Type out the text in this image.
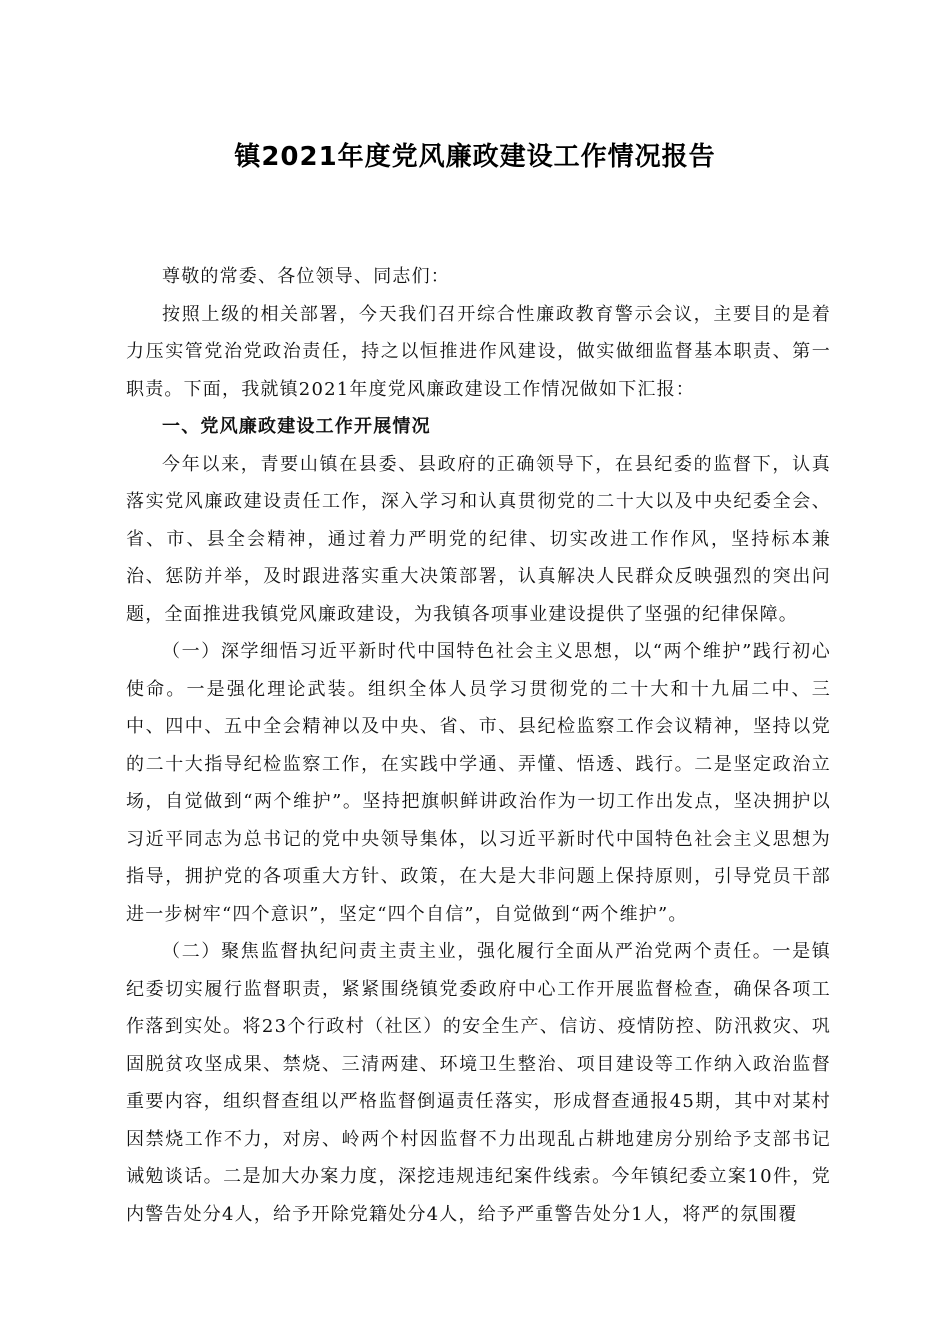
镇2021年度党风廉政建设工作情况报告

尊敬的常委、各位领导、同志们：

按照上级的相关部署，今天我们召开综合性廉政教育警示会议，主要目的是着力压实管党治党政治责任，持之以恒推进作风建设，做实做细监督基本职责、第一职责。下面，我就镇2021年度党风廉政建设工作情况做如下汇报：

一、党风廉政建设工作开展情况

今年以来，青要山镇在县委、县政府的正确领导下，在县纪委的监督下，认真落实党风廉政建设责任工作，深入学习和认真贯彻党的二十大以及中央纪委全会、省、市、县全会精神，通过着力严明党的纪律、切实改进工作作风，坚持标本兼治、惩防并举，及时跟进落实重大决策部署，认真解决人民群众反映强烈的突出问题，全面推进我镇党风廉政建设，为我镇各项事业建设提供了坚强的纪律保障。

（一）深学细悟习近平新时代中国特色社会主义思想，以“两个维护”践行初心使命。一是强化理论武装。组织全体人员学习贯彻党的二十大和十九届二中、三中、四中、五中全会精神以及中央、省、市、县纪检监察工作会议精神，坚持以党的二十大指导纪检监察工作，在实践中学通、弄懂、悟透、践行。二是坚定政治立场，自觉做到“两个维护”。坚持把旗帜鲜讲政治作为一切工作出发点，坚决拥护以习近平同志为总书记的党中央领导集体，以习近平新时代中国特色社会主义思想为指导，拥护党的各项重大方针、政策，在大是大非问题上保持原则，引导党员干部进一步树牢“四个意识”，坚定“四个自信”，自觉做到“两个维护”。

（二）聚焦监督执纪问责主责主业，强化履行全面从严治党两个责任。一是镇纪委切实履行监督职责，紧紧围绕镇党委政府中心工作开展监督检查，确保各项工作落到实处。将23个行政村（社区）的安全生产、信访、疫情防控、防汛救灾、巩固脱贫攻坚成果、禁烧、三清两建、环境卫生整治、项目建设等工作纳入政治监督重要内容，组织督查组以严格监督倒逼责任落实，形成督查通报45期，其中对某村因禁烧工作不力，对房、岭两个村因监督不力出现乱占耕地建房分别给予支部书记诫勉谈话。二是加大办案力度，深挖违规违纪案件线索。今年镇纪委立案10件，党内警告处分4人，给予开除党籍处分4人，给予严重警告处分1人，将严的氛围覆
